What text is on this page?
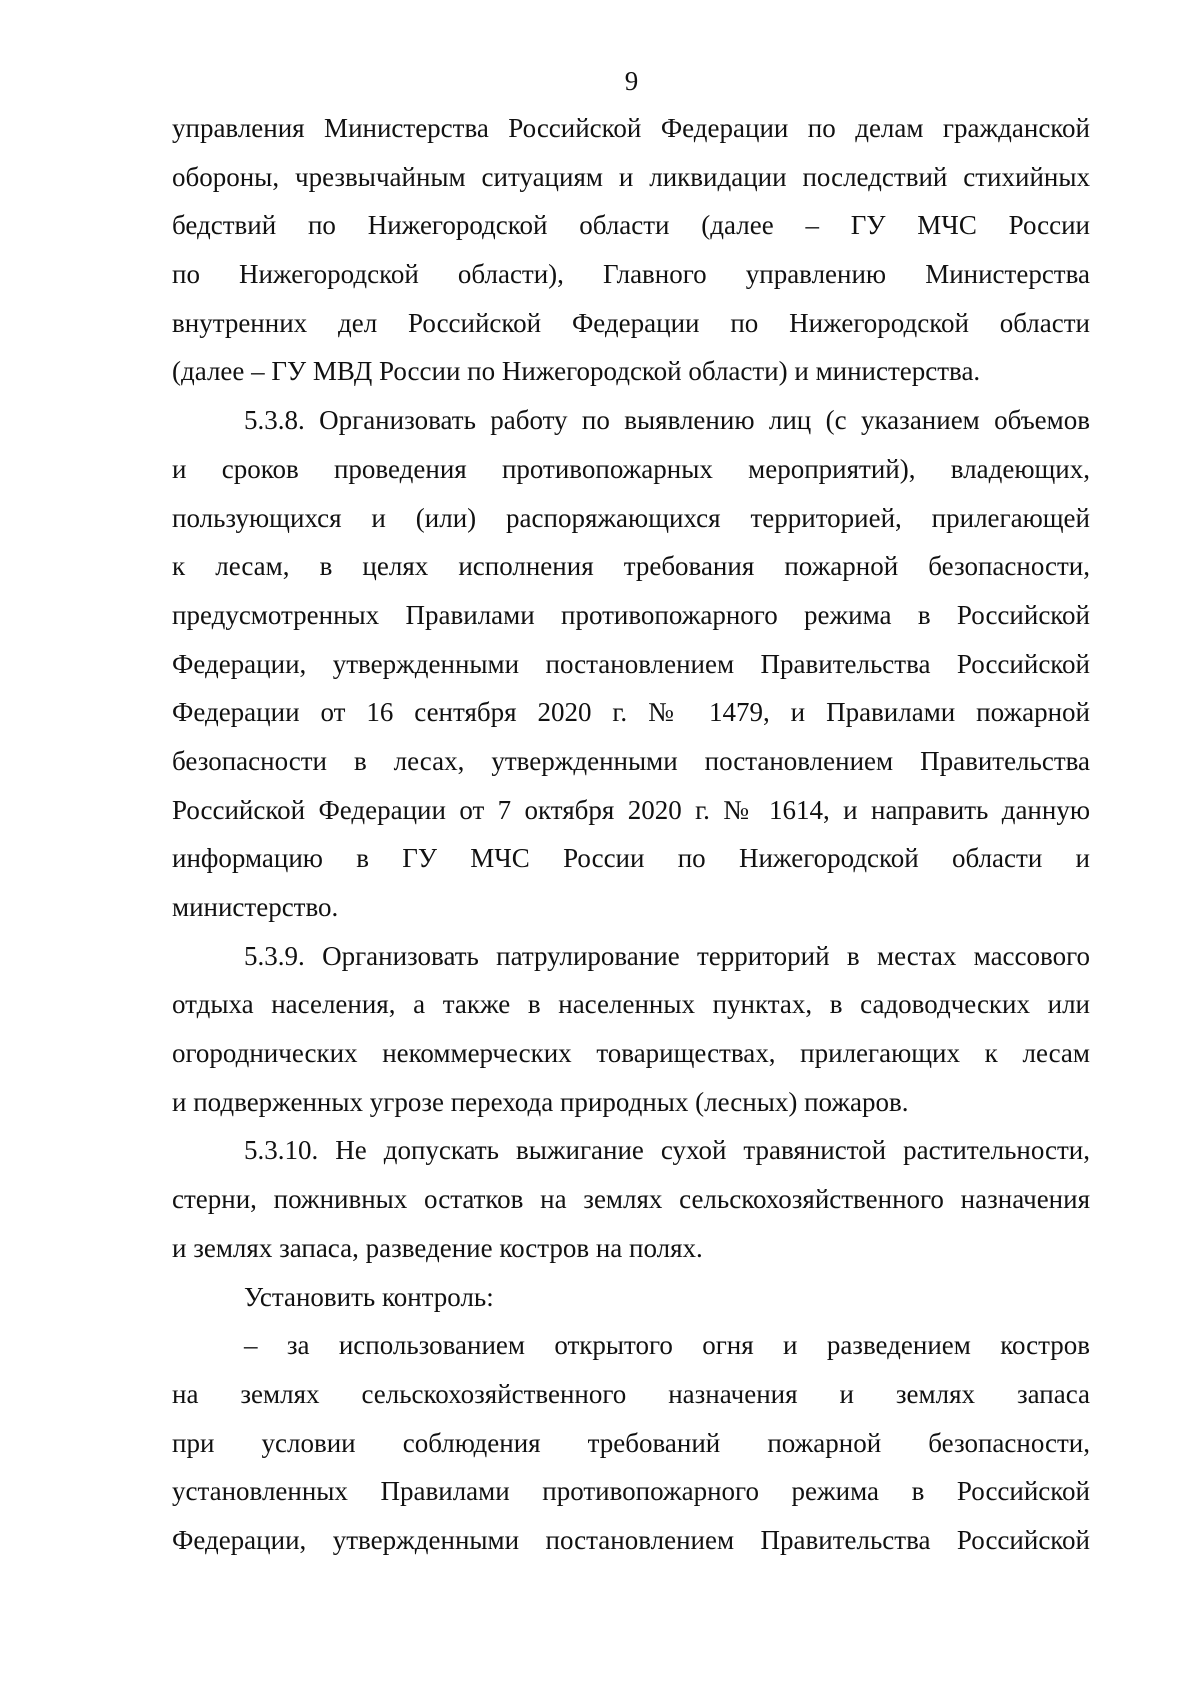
9
управления Министерства Российской Федерации по делам гражданской
обороны, чрезвычайным ситуациям и ликвидации последствий стихийных
бедствий по Нижегородской области (далее – ГУ МЧС России
по Нижегородской области), Главного управлению Министерства
внутренних дел Российской Федерации по Нижегородской области
(далее – ГУ МВД России по Нижегородской области) и министерства.
5.3.8. Организовать работу по выявлению лиц (с указанием объемов
и сроков проведения противопожарных мероприятий), владеющих,
пользующихся и (или) распоряжающихся территорией, прилегающей
к лесам, в целях исполнения требования пожарной безопасности,
предусмотренных Правилами противопожарного режима в Российской
Федерации, утвержденными постановлением Правительства Российской
Федерации от 16 сентября 2020 г. № 1479, и Правилами пожарной
безопасности в лесах, утвержденными постановлением Правительства
Российской Федерации от 7 октября 2020 г. № 1614, и направить данную
информацию в ГУ МЧС России по Нижегородской области и
министерство.
5.3.9. Организовать патрулирование территорий в местах массового
отдыха населения, а также в населенных пунктах, в садоводческих или
огороднических некоммерческих товариществах, прилегающих к лесам
и подверженных угрозе перехода природных (лесных) пожаров.
5.3.10. Не допускать выжигание сухой травянистой растительности,
стерни, пожнивных остатков на землях сельскохозяйственного назначения
и землях запаса, разведение костров на полях.
Установить контроль:
– за использованием открытого огня и разведением костров
на землях сельскохозяйственного назначения и землях запаса
при условии соблюдения требований пожарной безопасности,
установленных Правилами противопожарного режима в Российской
Федерации, утвержденными постановлением Правительства Российской
